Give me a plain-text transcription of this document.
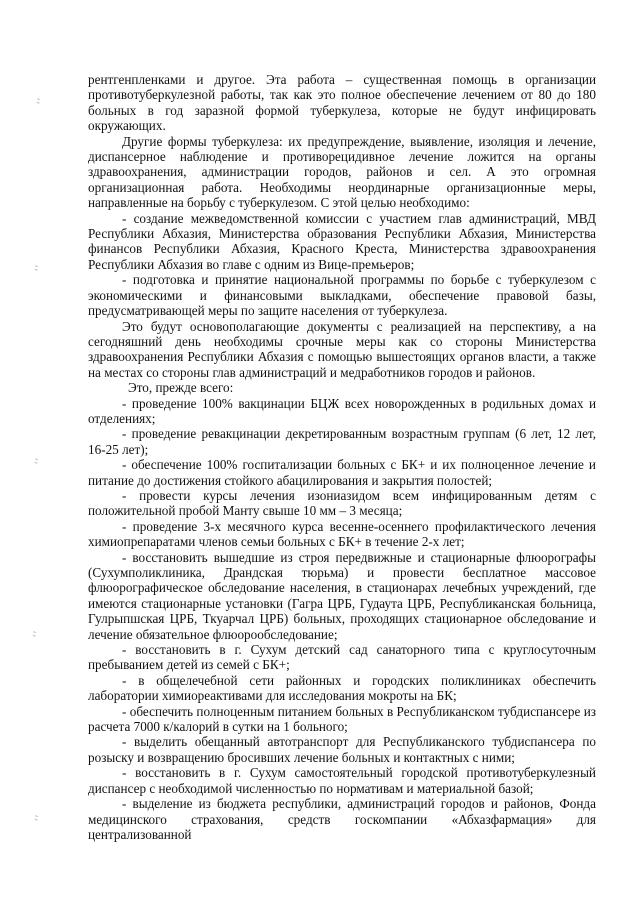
рентгенпленками и другое. Эта работа – существенная помощь в организации противотуберкулезной работы, так как это полное обеспечение лечением от 80 до 180 больных в год заразной формой туберкулеза, которые не будут инфицировать окружающих.

Другие формы туберкулеза: их предупреждение, выявление, изоляция и лечение, диспансерное наблюдение и противорецидивное лечение ложится на органы здравоохранения, администрации городов, районов и сел. А это огромная организационная работа. Необходимы неординарные организационные меры, направленные на борьбу с туберкулезом. С этой целью необходимо:

- создание межведомственной комиссии с участием глав администраций, МВД Республики Абхазия, Министерства образования Республики Абхазия, Министерства финансов Республики Абхазия, Красного Креста, Министерства здравоохранения Республики Абхазия во главе с одним из Вице-премьеров;

- подготовка и принятие национальной программы по борьбе с туберкулезом с экономическими и финансовыми выкладками, обеспечение правовой базы, предусматривающей меры по защите населения от туберкулеза.

Это будут основополагающие документы с реализацией на перспективу, а на сегодняшний день необходимы срочные меры как со стороны Министерства здравоохранения Республики Абхазия с помощью вышестоящих органов власти, а также на местах со стороны глав администраций и медработников городов и районов.

Это, прежде всего:

- проведение 100% вакцинации БЦЖ всех новорожденных в родильных домах и отделениях;

- проведение ревакцинации декретированным возрастным группам (6 лет, 12 лет, 16-25 лет);

- обеспечение 100% госпитализации больных с БК+ и их полноценное лечение и питание до достижения стойкого абацилирования и закрытия полостей;

- провести курсы лечения изониазидом всем инфицированным детям с положительной пробой Манту свыше 10 мм – 3 месяца;

- проведение 3-х месячного курса весенне-осеннего профилактического лечения химиопрепаратами членов семьи больных с БК+ в течение 2-х лет;

- восстановить вышедшие из строя передвижные и стационарные флюорографы (Сухумполиклиника, Драндская тюрьма) и провести бесплатное массовое флюорографическое обследование населения, в стационарах лечебных учреждений, где имеются стационарные установки (Гагра ЦРБ, Гудаута ЦРБ, Республиканская больница, Гулрыпшская ЦРБ, Ткуарчал ЦРБ) больных, проходящих стационарное обследование и лечение обязательное флюорообследование;

- восстановить в г. Сухум детский сад санаторного типа с круглосуточным пребыванием детей из семей с БК+;

- в общелечебной сети районных и городских поликлиниках обеспечить лаборатории химиореактивами для исследования мокроты на БК;

- обеспечить полноценным питанием больных в Республиканском тубдиспансере из расчета 7000 к/калорий в сутки на 1 больного;

- выделить обещанный автотранспорт для Республиканского тубдиспансера по розыску и возвращению бросивших лечение больных и контактных с ними;

- восстановить в г. Сухум самостоятельный городской противотуберкулезный диспансер с необходимой численностью по нормативам и материальной базой;

- выделение из бюджета республики, администраций городов и районов, Фонда медицинского страхования, средств госкомпании «Абхазфармация» для централизованной

ʻʼ
ʻʼ
ʻʼ
ʻʼ
ʻʼ
